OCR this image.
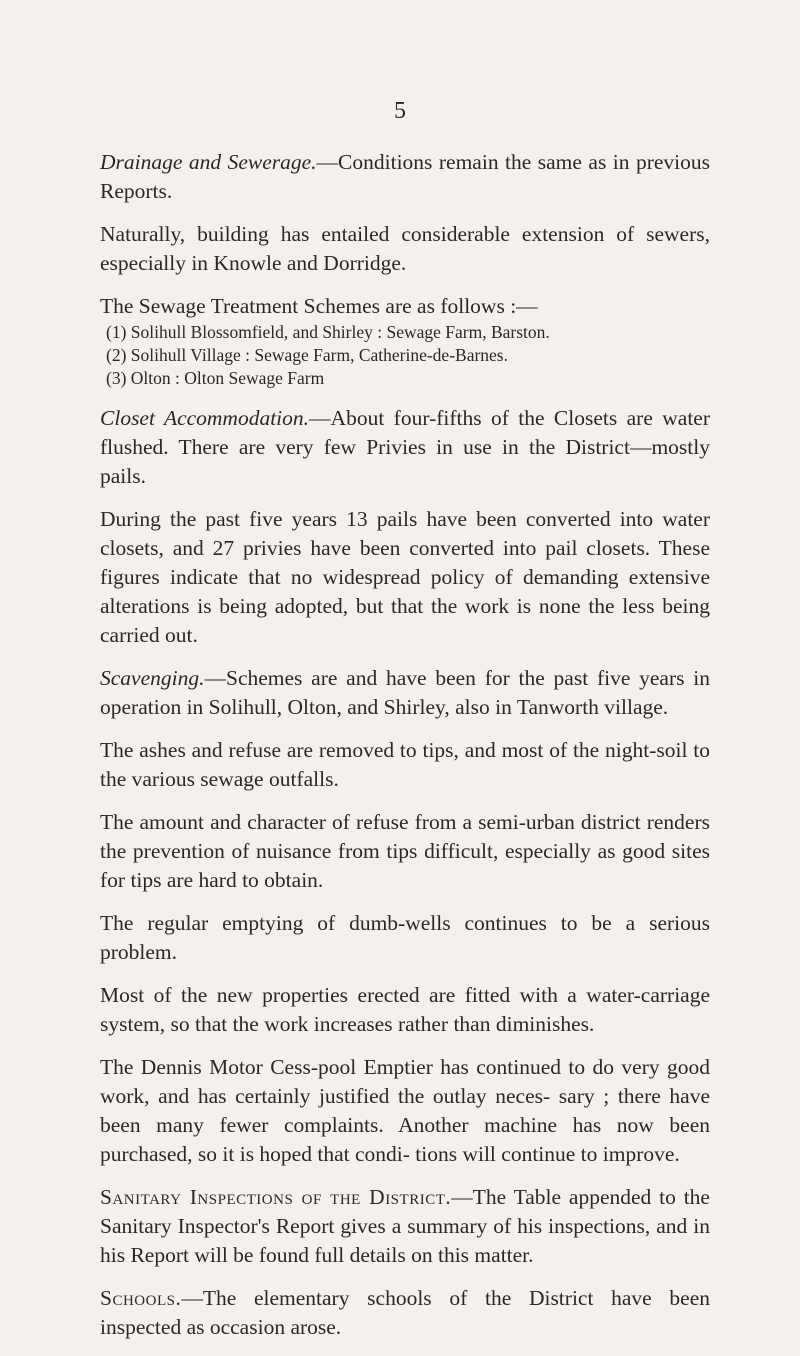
5

Drainage and Sewerage.—Conditions remain the same as in previous Reports.

Naturally, building has entailed considerable extension of sewers, especially in Knowle and Dorridge.

The Sewage Treatment Schemes are as follows :—

(1) Solihull Blossomfield, and Shirley : Sewage Farm, Barston.
(2) Solihull Village : Sewage Farm, Catherine-de-Barnes.
(3) Olton : Olton Sewage Farm

Closet Accommodation.—About four-fifths of the Closets are water flushed. There are very few Privies in use in the District—mostly pails.

During the past five years 13 pails have been converted into water closets, and 27 privies have been converted into pail closets. These figures indicate that no widespread policy of demanding extensive alterations is being adopted, but that the work is none the less being carried out.

Scavenging.—Schemes are and have been for the past five years in operation in Solihull, Olton, and Shirley, also in Tanworth village.

The ashes and refuse are removed to tips, and most of the night-soil to the various sewage outfalls.

The amount and character of refuse from a semi-urban district renders the prevention of nuisance from tips difficult, especially as good sites for tips are hard to obtain.

The regular emptying of dumb-wells continues to be a serious problem.

Most of the new properties erected are fitted with a water-carriage system, so that the work increases rather than diminishes.

The Dennis Motor Cess-pool Emptier has continued to do very good work, and has certainly justified the outlay neces- sary ; there have been many fewer complaints. Another machine has now been purchased, so it is hoped that condi- tions will continue to improve.

Sanitary Inspections of the District.—The Table appended to the Sanitary Inspector's Report gives a summary of his inspections, and in his Report will be found full details on this matter.

Schools.—The elementary schools of the District have been inspected as occasion arose.
